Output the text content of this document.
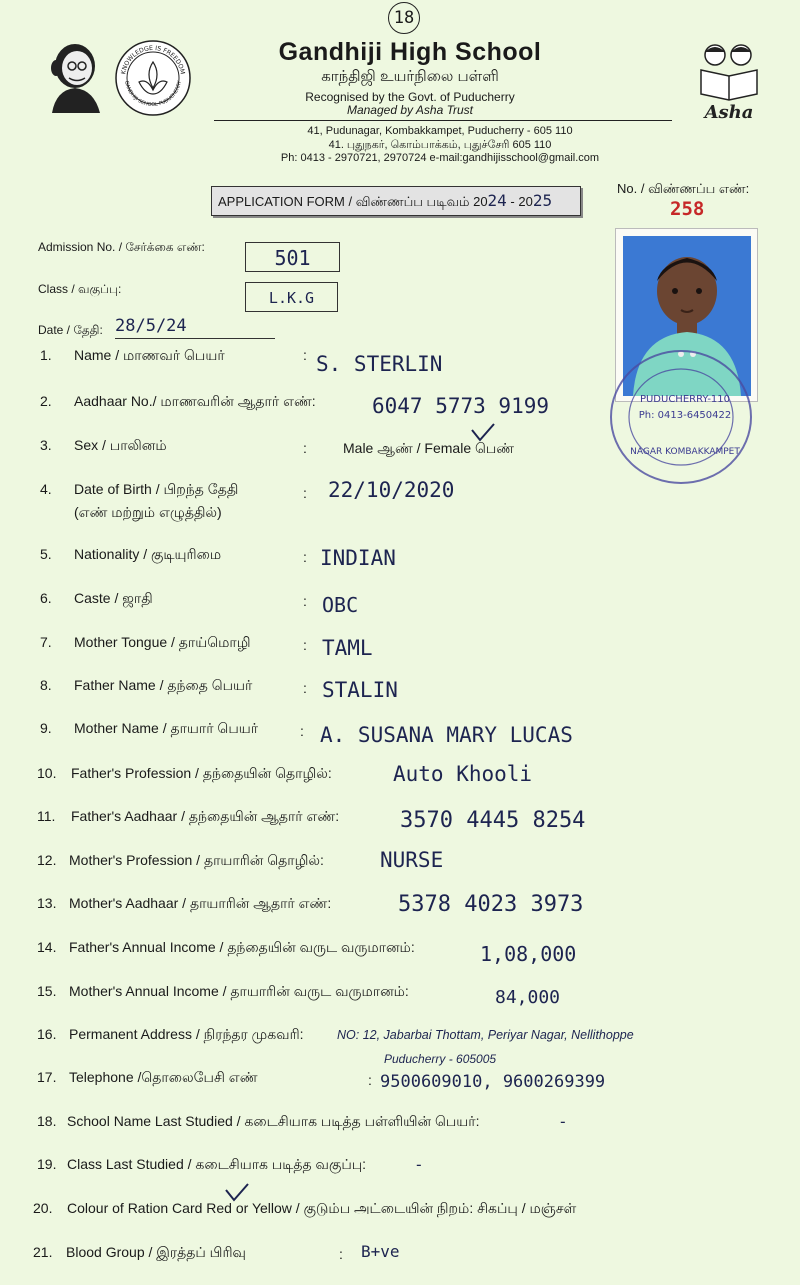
18
KNOWLEDGE IS FREEDOM
GANDHIJI SCHOOL PUDUCHERRY
Gandhiji High School
காந்திஜி உயர்நிலை பள்ளி
Recognised by the Govt. of Puducherry
Managed by Asha Trust
41, Pudunagar, Kombakkampet, Puducherry - 605 110
41. புதுநகர், கொம்பாக்கம், புதுச்சேரி 605 110
Ph: 0413 - 2970721, 2970724 e-mail:gandhijisschool@gmail.com
Asha
APPLICATION FORM / விண்ணப்ப படிவம் 2024 - 2025
No. / விண்ணப்ப எண்:
258
Admission No. / சேர்க்கை எண்:	501
Class / வகுப்பு:	L.K.G
Date / தேதி: 28/5/24
PUDUCHERRY-110
Ph: 0413-6450422
NAGAR KOMBAKKAMPET
1. Name / மாணவர் பெயர்	: S. STERLIN
2. Aadhaar No./ மாணவரின் ஆதார் எண்:	6047 5773 9199
3. Sex / பாலினம்	:	Male ஆண் / Female பெண்
4. Date of Birth / பிறந்த தேதி
(எண் மற்றும் எழுத்தில்)
: 22/10/2020
5. Nationality / குடியுரிமை	: INDIAN
6. Caste / ஜாதி	: OBC
7. Mother Tongue / தாய்மொழி	: TAML
8. Father Name / தந்தை பெயர்	: STALIN
9. Mother Name / தாயார் பெயர்	: A. SUSANA MARY LUCAS
10. Father's Profession / தந்தையின் தொழில்:	Auto Khooli
11. Father's Aadhaar / தந்தையின் ஆதார் எண்:	3570 4445 8254
12. Mother's Profession / தாயாரின் தொழில்:	NURSE
13. Mother's Aadhaar / தாயாரின் ஆதார் எண்:	5378 4023 3973
14. Father's Annual Income / தந்தையின் வருட வருமானம்:	1,08,000
15. Mother's Annual Income / தாயாரின் வருட வருமானம்:	84,000
16. Permanent Address / நிரந்தர முகவரி:	NO: 12, Jabarbai Thottam, Periyar Nagar, Nellithoppe
Puducherry - 605005
17. Telephone /தொலைபேசி எண்	: 9500609010, 9600269399
18. School Name Last Studied / கடைசியாக படித்த பள்ளியின் பெயர்:	-
19. Class Last Studied / கடைசியாக படித்த வகுப்பு:	-
20. Colour of Ration Card Red or Yellow / குடும்ப அட்டையின் நிறம்: சிகப்பு / மஞ்சள்
21. Blood Group / இரத்தப் பிரிவு	: B+ve
